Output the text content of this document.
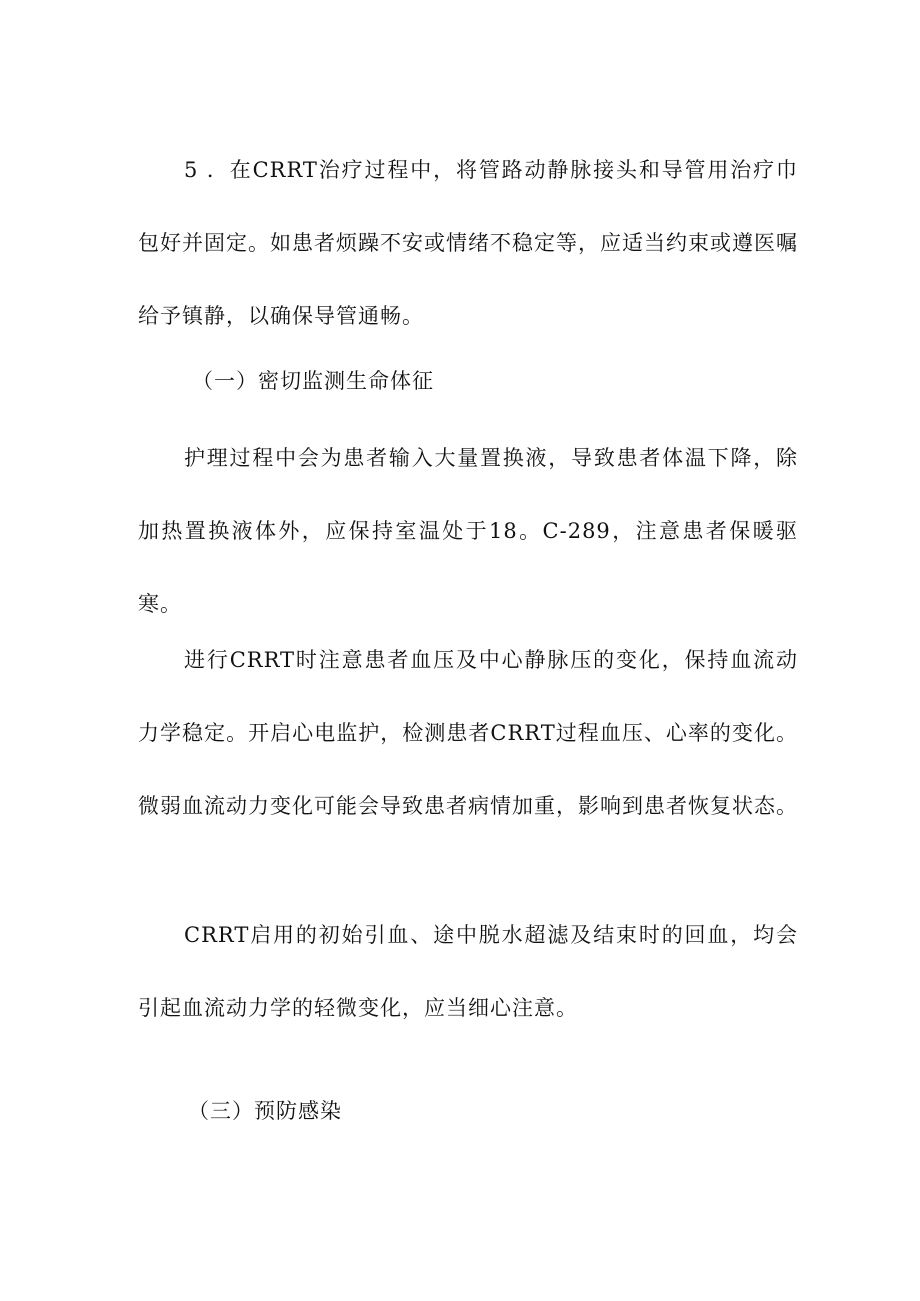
5 ．在CRRT治疗过程中，将管路动静脉接头和导管用治疗巾包好并固定。如患者烦躁不安或情绪不稳定等，应适当约束或遵医嘱给予镇静，以确保导管通畅。

（一）密切监测生命体征

护理过程中会为患者输入大量置换液，导致患者体温下降，除加热置换液体外，应保持室温处于18。C-289，注意患者保暖驱寒。

进行CRRT时注意患者血压及中心静脉压的变化，保持血流动力学稳定。开启心电监护，检测患者CRRT过程血压、心率的变化。微弱血流动力变化可能会导致患者病情加重，影响到患者恢复状态。

CRRT启用的初始引血、途中脱水超滤及结束时的回血，均会引起血流动力学的轻微变化，应当细心注意。

（三）预防感染
